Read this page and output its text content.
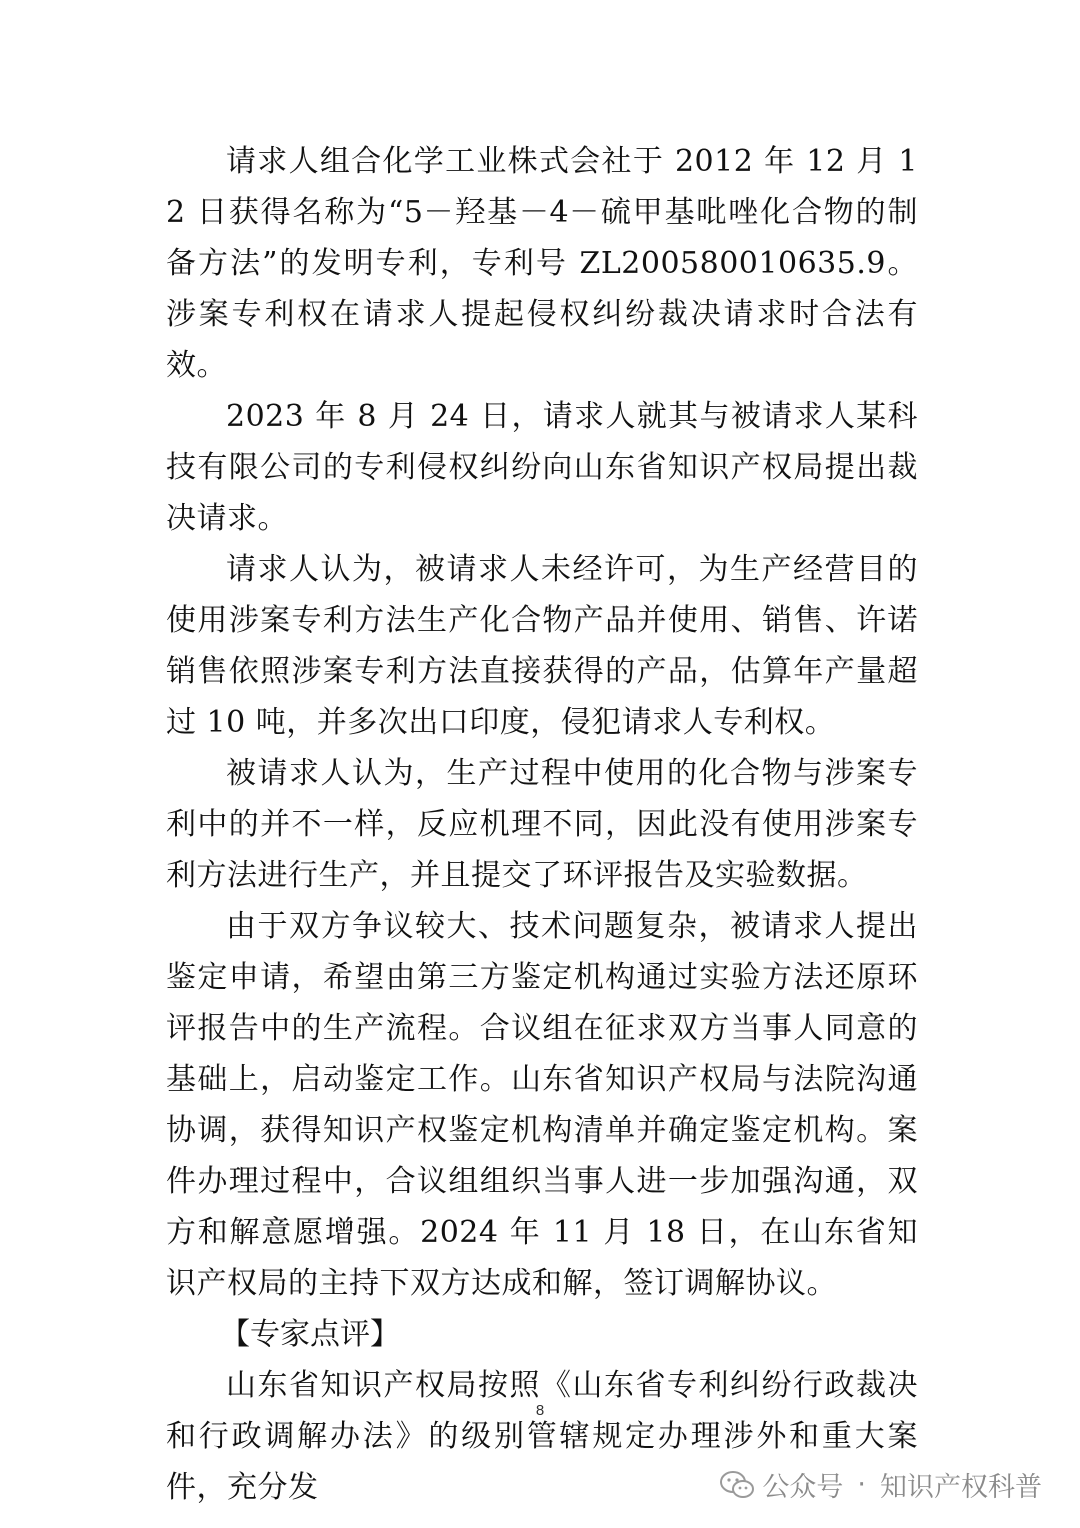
请求人组合化学工业株式会社于 2012 年 12 月 12 日获得名称为“5－羟基－4－硫甲基吡唑化合物的制备方法”的发明专利，专利号 ZL200580010635.9。涉案专利权在请求人提起侵权纠纷裁决请求时合法有效。

2023 年 8 月 24 日，请求人就其与被请求人某科技有限公司的专利侵权纠纷向山东省知识产权局提出裁决请求。

请求人认为，被请求人未经许可，为生产经营目的使用涉案专利方法生产化合物产品并使用、销售、许诺销售依照涉案专利方法直接获得的产品，估算年产量超过 10 吨，并多次出口印度，侵犯请求人专利权。

被请求人认为，生产过程中使用的化合物与涉案专利中的并不一样，反应机理不同，因此没有使用涉案专利方法进行生产，并且提交了环评报告及实验数据。

由于双方争议较大、技术问题复杂，被请求人提出鉴定申请，希望由第三方鉴定机构通过实验方法还原环评报告中的生产流程。合议组在征求双方当事人同意的基础上，启动鉴定工作。山东省知识产权局与法院沟通协调，获得知识产权鉴定机构清单并确定鉴定机构。案件办理过程中，合议组组织当事人进一步加强沟通，双方和解意愿增强。2024 年 11 月 18 日，在山东省知识产权局的主持下双方达成和解，签订调解协议。

【专家点评】

山东省知识产权局按照《山东省专利纠纷行政裁决和行政调解办法》的级别管辖规定办理涉外和重大案件，充分发

8
公众号 · 知识产权科普
